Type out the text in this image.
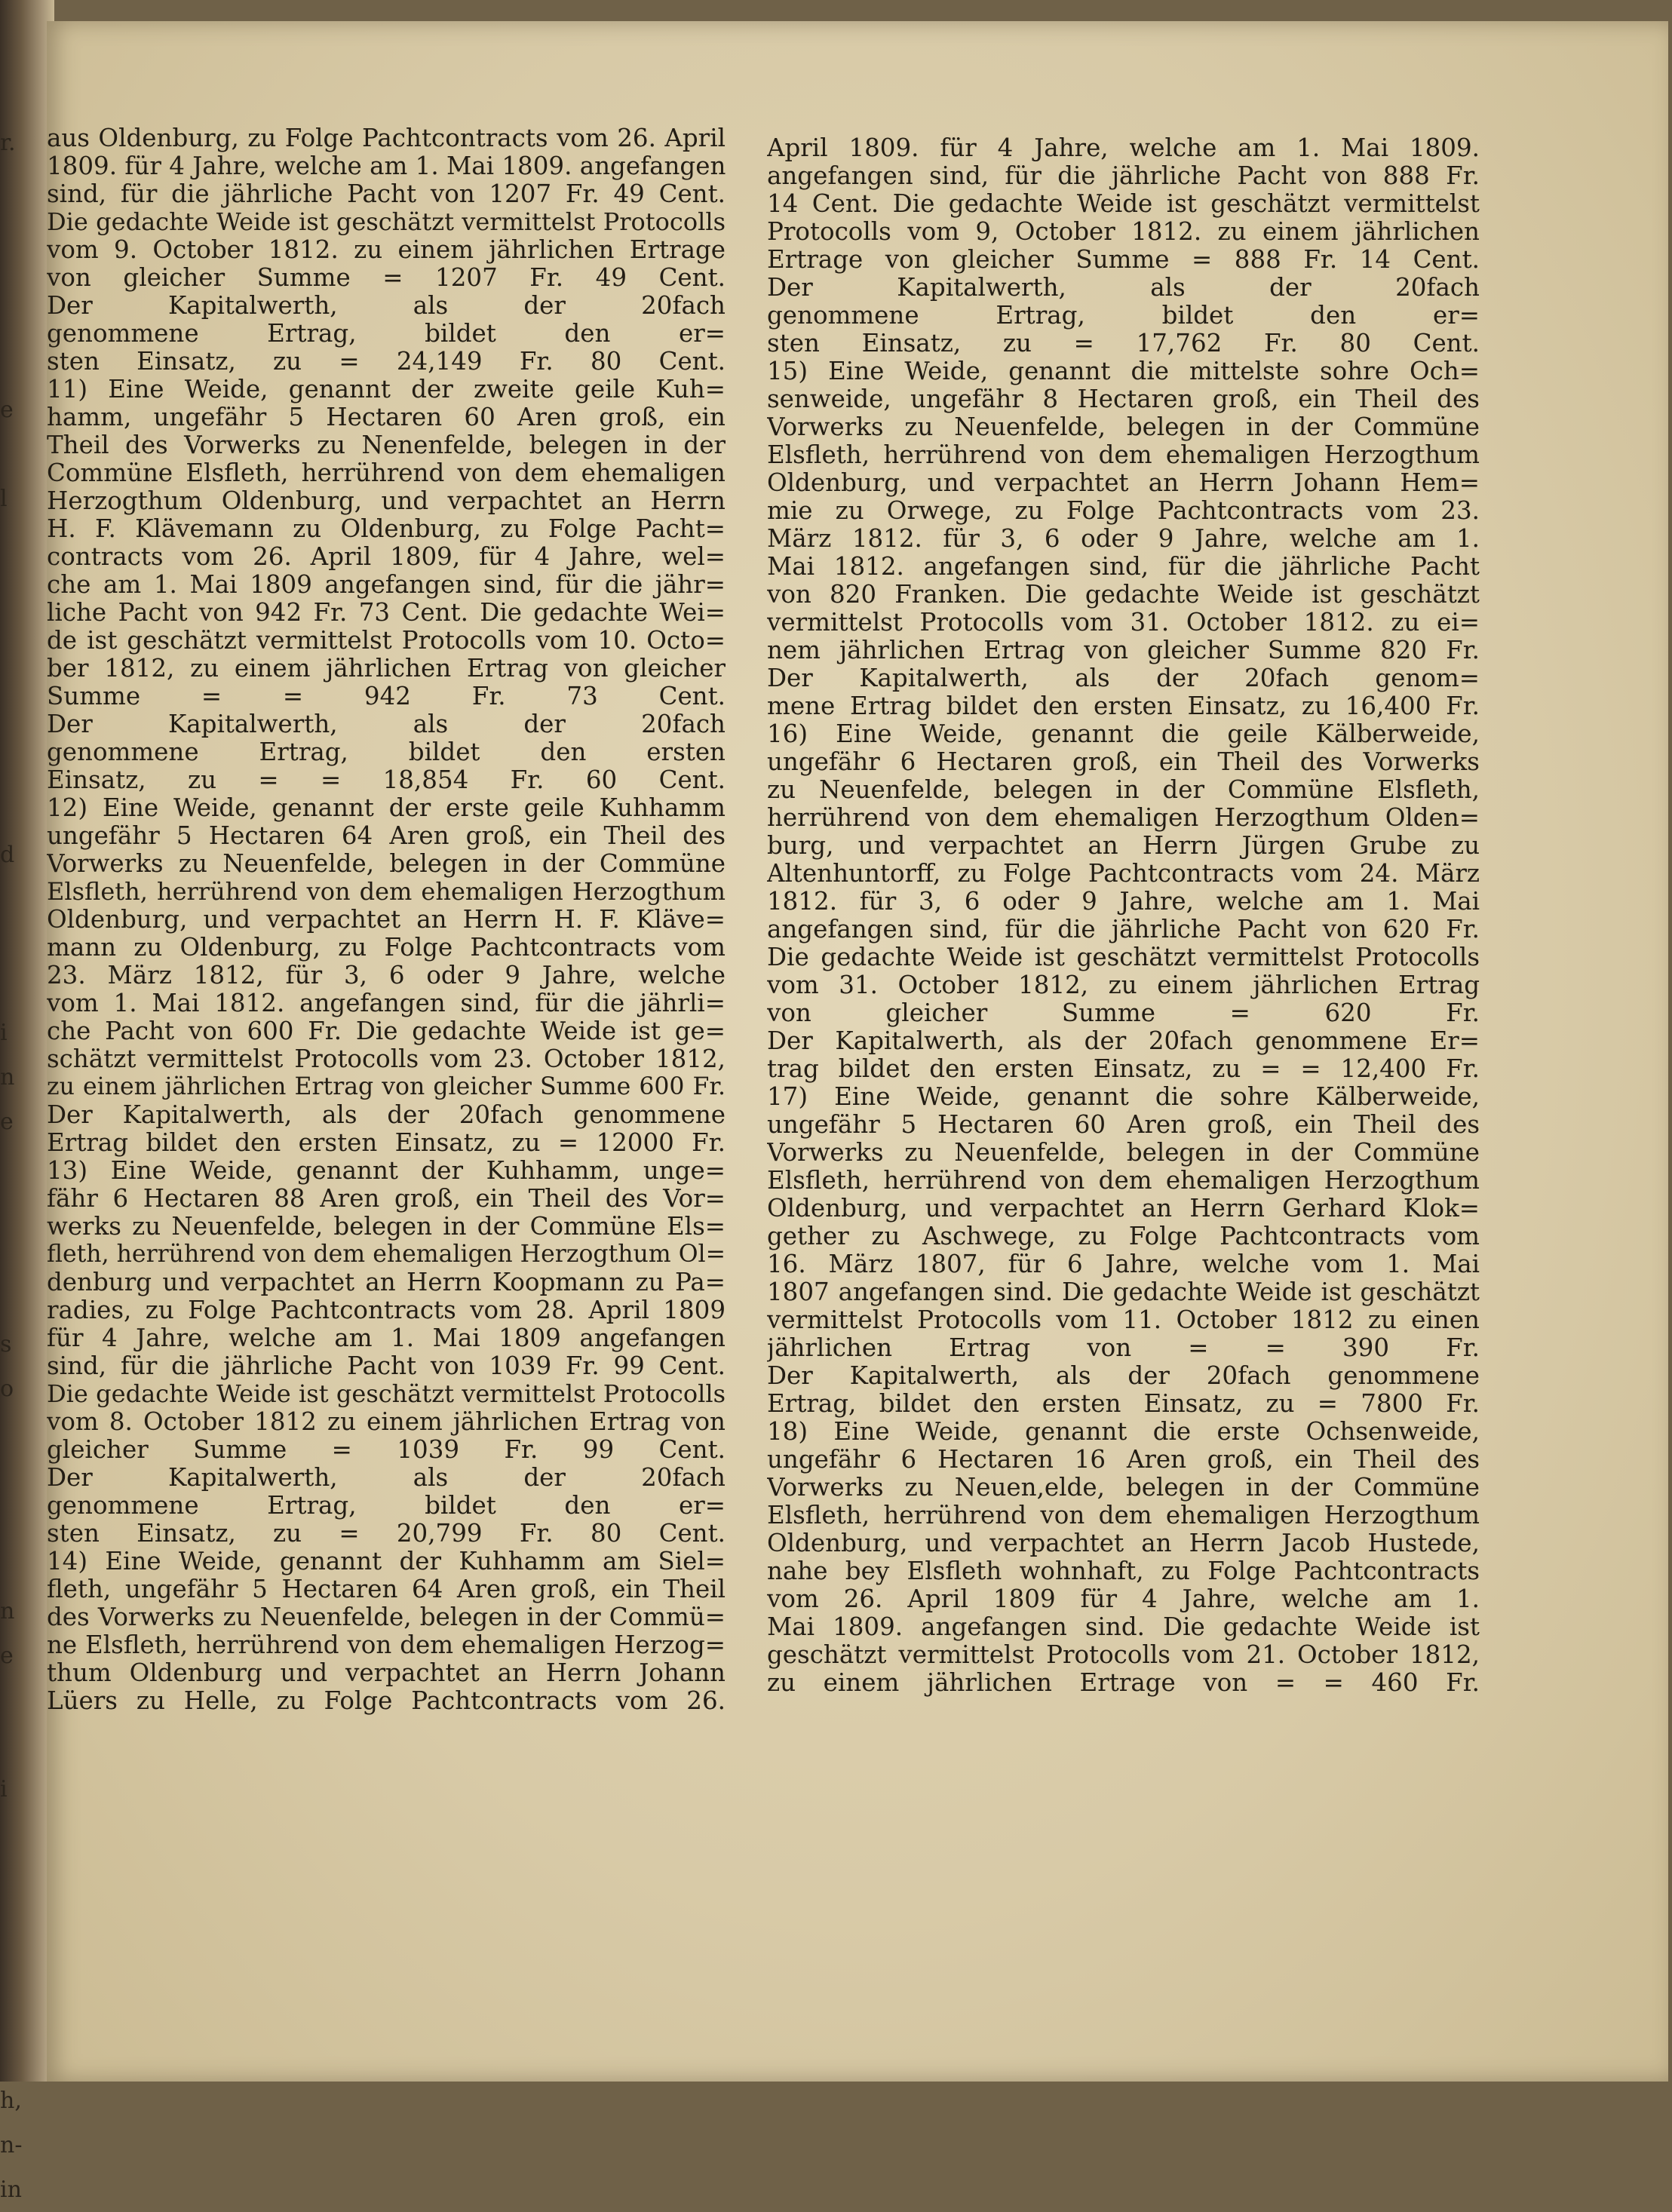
r.
e
l
d
i
n
e
s
o
n
e
i
h,
n-
in
aus Oldenburg, zu Folge Pachtcontracts vom 26. April
1809. für 4 Jahre, welche am 1. Mai 1809. angefangen
sind, für die jährliche Pacht von 1207 Fr. 49 Cent.
Die gedachte Weide ist geschätzt vermittelst Protocolls
vom 9. October 1812. zu einem jährlichen Ertrage
von gleicher Summe = 1207 Fr. 49 Cent.
Der Kapitalwerth, als der 20fach
genommene Ertrag, bildet den er=
sten Einsatz, zu = 24,149 Fr. 80 Cent.
11) Eine Weide, genannt der zweite geile Kuh=
hamm, ungefähr 5 Hectaren 60 Aren groß, ein
Theil des Vorwerks zu Nenenfelde, belegen in der
Commüne Elsfleth, herrührend von dem ehemaligen
Herzogthum Oldenburg, und verpachtet an Herrn
H. F. Klävemann zu Oldenburg, zu Folge Pacht=
contracts vom 26. April 1809, für 4 Jahre, wel=
che am 1. Mai 1809 angefangen sind, für die jähr=
liche Pacht von 942 Fr. 73 Cent. Die gedachte Wei=
de ist geschätzt vermittelst Protocolls vom 10. Octo=
ber 1812, zu einem jährlichen Ertrag von gleicher
Summe = = 942 Fr. 73 Cent.
Der Kapitalwerth, als der 20fach
genommene Ertrag, bildet den ersten
Einsatz, zu = = 18,854 Fr. 60 Cent.
12) Eine Weide, genannt der erste geile Kuhhamm
ungefähr 5 Hectaren 64 Aren groß, ein Theil des
Vorwerks zu Neuenfelde, belegen in der Commüne
Elsfleth, herrührend von dem ehemaligen Herzogthum
Oldenburg, und verpachtet an Herrn H. F. Kläve=
mann zu Oldenburg, zu Folge Pachtcontracts vom
23. März 1812, für 3, 6 oder 9 Jahre, welche
vom 1. Mai 1812. angefangen sind, für die jährli=
che Pacht von 600 Fr. Die gedachte Weide ist ge=
schätzt vermittelst Protocolls vom 23. October 1812,
zu einem jährlichen Ertrag von gleicher Summe 600 Fr.
Der Kapitalwerth, als der 20fach genommene
Ertrag bildet den ersten Einsatz, zu = 12000 Fr.
13) Eine Weide, genannt der Kuhhamm, unge=
fähr 6 Hectaren 88 Aren groß, ein Theil des Vor=
werks zu Neuenfelde, belegen in der Commüne Els=
fleth, herrührend von dem ehemaligen Herzogthum Ol=
denburg und verpachtet an Herrn Koopmann zu Pa=
radies, zu Folge Pachtcontracts vom 28. April 1809
für 4 Jahre, welche am 1. Mai 1809 angefangen
sind, für die jährliche Pacht von 1039 Fr. 99 Cent.
Die gedachte Weide ist geschätzt vermittelst Protocolls
vom 8. October 1812 zu einem jährlichen Ertrag von
gleicher Summe = 1039 Fr. 99 Cent.
Der Kapitalwerth, als der 20fach
genommene Ertrag, bildet den er=
sten Einsatz, zu = 20,799 Fr. 80 Cent.
14) Eine Weide, genannt der Kuhhamm am Siel=
fleth, ungefähr 5 Hectaren 64 Aren groß, ein Theil
des Vorwerks zu Neuenfelde, belegen in der Commü=
ne Elsfleth, herrührend von dem ehemaligen Herzog=
thum Oldenburg und verpachtet an Herrn Johann
Lüers zu Helle, zu Folge Pachtcontracts vom 26.
April 1809. für 4 Jahre, welche am 1. Mai 1809.
angefangen sind, für die jährliche Pacht von 888 Fr.
14 Cent. Die gedachte Weide ist geschätzt vermittelst
Protocolls vom 9, October 1812. zu einem jährlichen
Ertrage von gleicher Summe = 888 Fr. 14 Cent.
Der Kapitalwerth, als der 20fach
genommene Ertrag, bildet den er=
sten Einsatz, zu = 17,762 Fr. 80 Cent.
15) Eine Weide, genannt die mittelste sohre Och=
senweide, ungefähr 8 Hectaren groß, ein Theil des
Vorwerks zu Neuenfelde, belegen in der Commüne
Elsfleth, herrührend von dem ehemaligen Herzogthum
Oldenburg, und verpachtet an Herrn Johann Hem=
mie zu Orwege, zu Folge Pachtcontracts vom 23.
März 1812. für 3, 6 oder 9 Jahre, welche am 1.
Mai 1812. angefangen sind, für die jährliche Pacht
von 820 Franken. Die gedachte Weide ist geschätzt
vermittelst Protocolls vom 31. October 1812. zu ei=
nem jährlichen Ertrag von gleicher Summe 820 Fr.
Der Kapitalwerth, als der 20fach genom=
mene Ertrag bildet den ersten Einsatz, zu 16,400 Fr.
16) Eine Weide, genannt die geile Kälberweide,
ungefähr 6 Hectaren groß, ein Theil des Vorwerks
zu Neuenfelde, belegen in der Commüne Elsfleth,
herrührend von dem ehemaligen Herzogthum Olden=
burg, und verpachtet an Herrn Jürgen Grube zu
Altenhuntorff, zu Folge Pachtcontracts vom 24. März
1812. für 3, 6 oder 9 Jahre, welche am 1. Mai
angefangen sind, für die jährliche Pacht von 620 Fr.
Die gedachte Weide ist geschätzt vermittelst Protocolls
vom 31. October 1812, zu einem jährlichen Ertrag
von gleicher Summe = 620 Fr.
Der Kapitalwerth, als der 20fach genommene Er=
trag bildet den ersten Einsatz, zu = = 12,400 Fr.
17) Eine Weide, genannt die sohre Kälberweide,
ungefähr 5 Hectaren 60 Aren groß, ein Theil des
Vorwerks zu Neuenfelde, belegen in der Commüne
Elsfleth, herrührend von dem ehemaligen Herzogthum
Oldenburg, und verpachtet an Herrn Gerhard Klok=
gether zu Aschwege, zu Folge Pachtcontracts vom
16. März 1807, für 6 Jahre, welche vom 1. Mai
1807 angefangen sind. Die gedachte Weide ist geschätzt
vermittelst Protocolls vom 11. October 1812 zu einen
jährlichen Ertrag von = = 390 Fr.
Der Kapitalwerth, als der 20fach genommene
Ertrag, bildet den ersten Einsatz, zu = 7800 Fr.
18) Eine Weide, genannt die erste Ochsenweide,
ungefähr 6 Hectaren 16 Aren groß, ein Theil des
Vorwerks zu Neuen,elde, belegen in der Commüne
Elsfleth, herrührend von dem ehemaligen Herzogthum
Oldenburg, und verpachtet an Herrn Jacob Hustede,
nahe bey Elsfleth wohnhaft, zu Folge Pachtcontracts
vom 26. April 1809 für 4 Jahre, welche am 1.
Mai 1809. angefangen sind. Die gedachte Weide ist
geschätzt vermittelst Protocolls vom 21. October 1812,
zu einem jährlichen Ertrage von = = 460 Fr.
